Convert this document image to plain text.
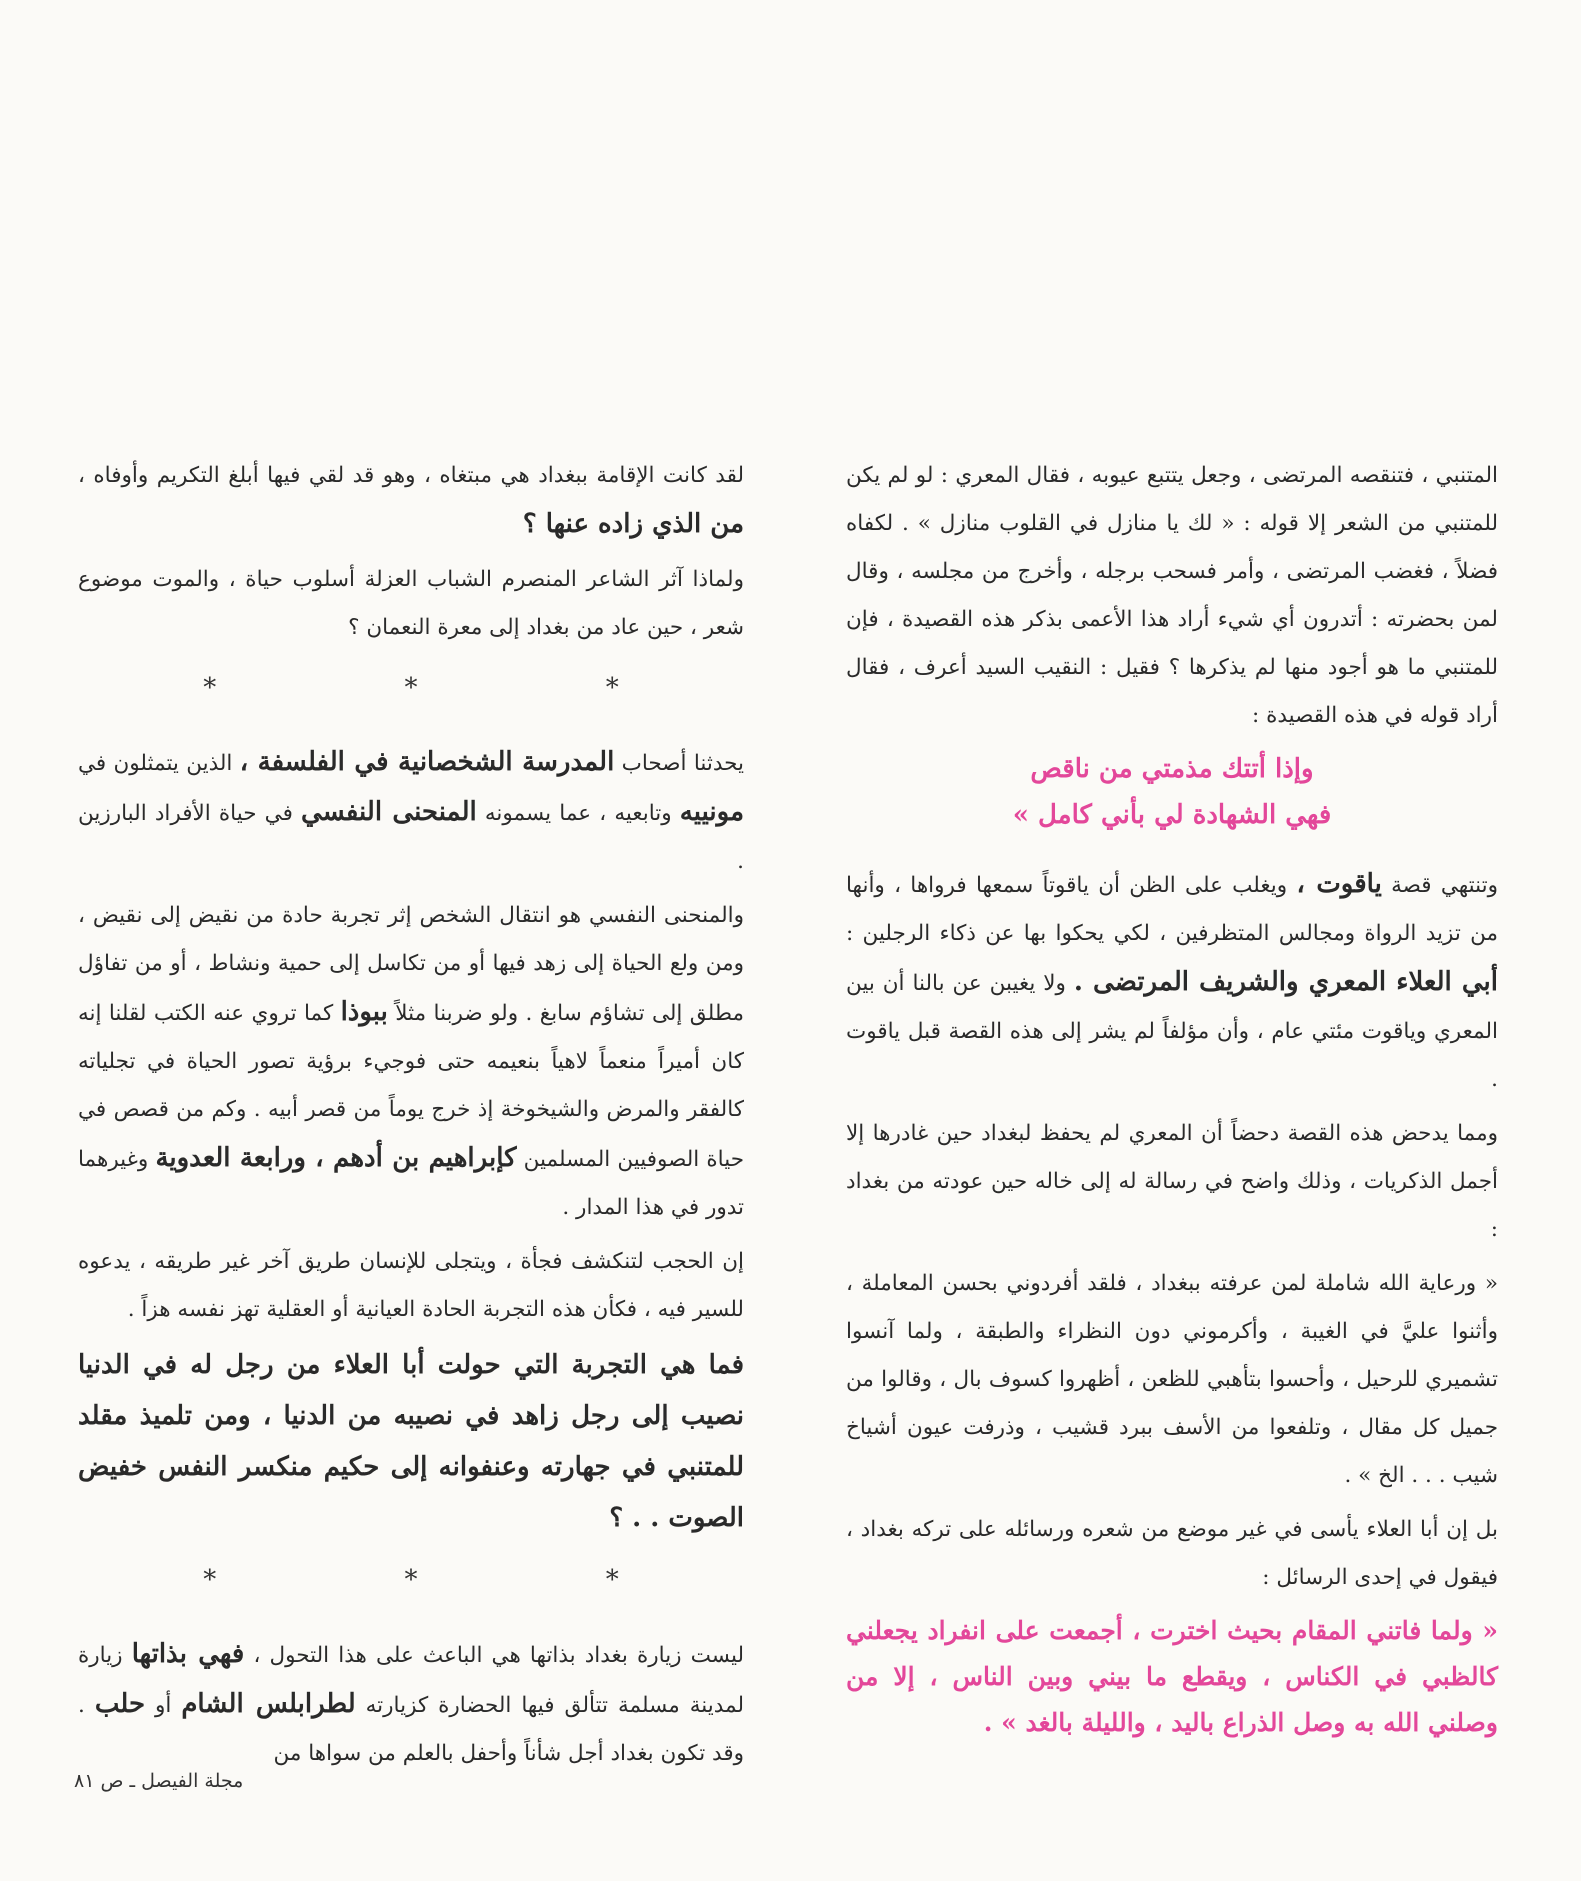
المتنبي ، فتنقصه المرتضى ، وجعل يتتبع عيوبه ، فقال المعري : لو لم يكن للمتنبي من الشعر إلا قوله : « لك يا منازل في القلوب منازل » . لكفاه فضلاً ، فغضب المرتضى ، وأمر فسحب برجله ، وأخرج من مجلسه ، وقال لمن بحضرته : أتدرون أي شيء أراد هذا الأعمى بذكر هذه القصيدة ، فإن للمتنبي ما هو أجود منها لم يذكرها ؟ فقيل : النقيب السيد أعرف ، فقال أراد قوله في هذه القصيدة :

وإذا أتتك مذمتي من ناقص
فهي الشهادة لي بأني كامل »

وتنتهي قصة ياقوت ، ويغلب على الظن أن ياقوتاً سمعها فرواها ، وأنها من تزيد الرواة ومجالس المتظرفين ، لكي يحكوا بها عن ذكاء الرجلين : أبي العلاء المعري والشريف المرتضى . ولا يغيبن عن بالنا أن بين المعري وياقوت مئتي عام ، وأن مؤلفاً لم يشر إلى هذه القصة قبل ياقوت .

ومما يدحض هذه القصة دحضاً أن المعري لم يحفظ لبغداد حين غادرها إلا أجمل الذكريات ، وذلك واضح في رسالة له إلى خاله حين عودته من بغداد :

« ورعاية الله شاملة لمن عرفته ببغداد ، فلقد أفردوني بحسن المعاملة ، وأثنوا عليَّ في الغيبة ، وأكرموني دون النظراء والطبقة ، ولما آنسوا تشميري للرحيل ، وأحسوا بتأهبي للظعن ، أظهروا كسوف بال ، وقالوا من جميل كل مقال ، وتلفعوا من الأسف ببرد قشيب ، وذرفت عيون أشياخ شيب . . . الخ » .

بل إن أبا العلاء يأسى في غير موضع من شعره ورسائله على تركه بغداد ، فيقول في إحدى الرسائل :

« ولما فاتني المقام بحيث اخترت ، أجمعت على انفراد يجعلني كالظبي في الكناس ، ويقطع ما بيني وبين الناس ، إلا من وصلني الله به وصل الذراع باليد ، والليلة بالغد » .

لقد كانت الإقامة ببغداد هي مبتغاه ، وهو قد لقي فيها أبلغ التكريم وأوفاه ، من الذي زاده عنها ؟

ولماذا آثر الشاعر المنصرم الشباب العزلة أسلوب حياة ، والموت موضوع شعر ، حين عاد من بغداد إلى معرة النعمان ؟

* * *

يحدثنا أصحاب المدرسة الشخصانية في الفلسفة ، الذين يتمثلون في مونييه وتابعيه ، عما يسمونه المنحنى النفسي في حياة الأفراد البارزين .

والمنحنى النفسي هو انتقال الشخص إثر تجربة حادة من نقيض إلى نقيض ، ومن ولع الحياة إلى زهد فيها أو من تكاسل إلى حمية ونشاط ، أو من تفاؤل مطلق إلى تشاؤم سابغ . ولو ضربنا مثلاً ببوذا كما تروي عنه الكتب لقلنا إنه كان أميراً منعماً لاهياً بنعيمه حتى فوجيء برؤية تصور الحياة في تجلياته كالفقر والمرض والشيخوخة إذ خرج يوماً من قصر أبيه . وكم من قصص في حياة الصوفيين المسلمين كإبراهيم بن أدهم ، ورابعة العدوية وغيرهما تدور في هذا المدار .

إن الحجب لتنكشف فجأة ، ويتجلى للإنسان طريق آخر غير طريقه ، يدعوه للسير فيه ، فكأن هذه التجربة الحادة العيانية أو العقلية تهز نفسه هزاً .

فما هي التجربة التي حولت أبا العلاء من رجل له في الدنيا نصيب إلى رجل زاهد في نصيبه من الدنيا ، ومن تلميذ مقلد للمتنبي في جهارته وعنفوانه إلى حكيم منكسر النفس خفيض الصوت . . ؟

* * *

ليست زيارة بغداد بذاتها هي الباعث على هذا التحول ، فهي بذاتها زيارة لمدينة مسلمة تتألق فيها الحضارة كزيارته لطرابلس الشام أو حلب . وقد تكون بغداد أجل شأناً وأحفل بالعلم من سواها من

مجلة الفيصل ـ ص ٨١
